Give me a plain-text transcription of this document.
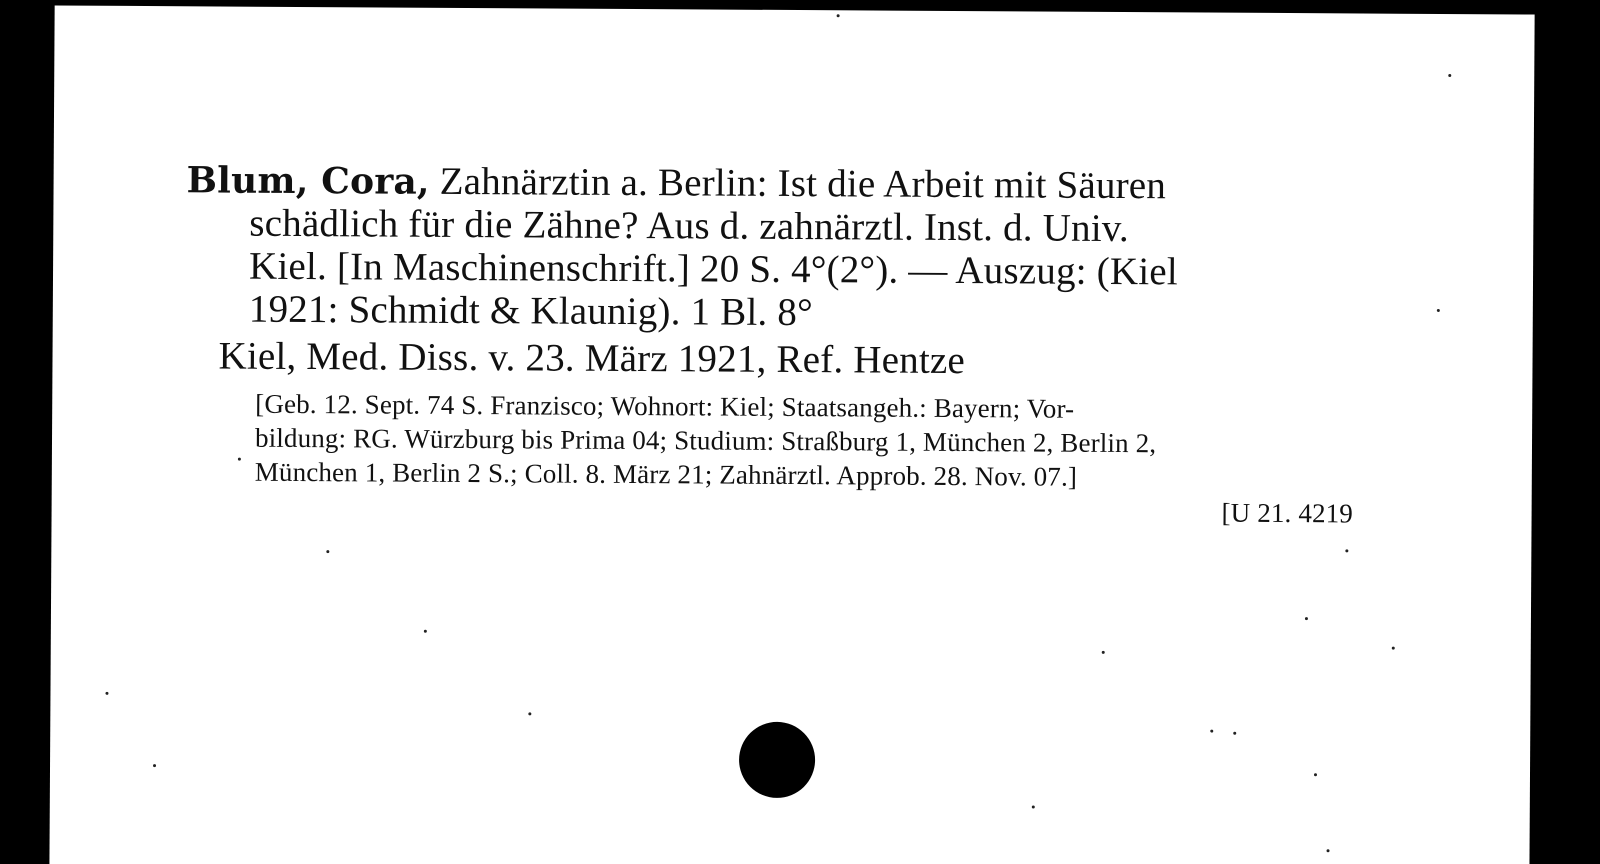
Blum, Cora, Zahnärztin a. Berlin: Ist die Arbeit mit Säuren
schädlich für die Zähne? Aus d. zahnärztl. Inst. d. Univ.
Kiel. [In Maschinenschrift.] 20 S. 4°(2°). — Auszug: (Kiel
1921: Schmidt & Klaunig). 1 Bl. 8°
Kiel, Med. Diss. v. 23. März 1921, Ref. Hentze
[Geb. 12. Sept. 74 S. Franzisco; Wohnort: Kiel; Staatsangeh.: Bayern; Vor-
bildung: RG. Würzburg bis Prima 04; Studium: Straßburg 1, München 2, Berlin 2,
München 1, Berlin 2 S.; Coll. 8. März 21; Zahnärztl. Approb. 28. Nov. 07.]
[U 21. 4219
